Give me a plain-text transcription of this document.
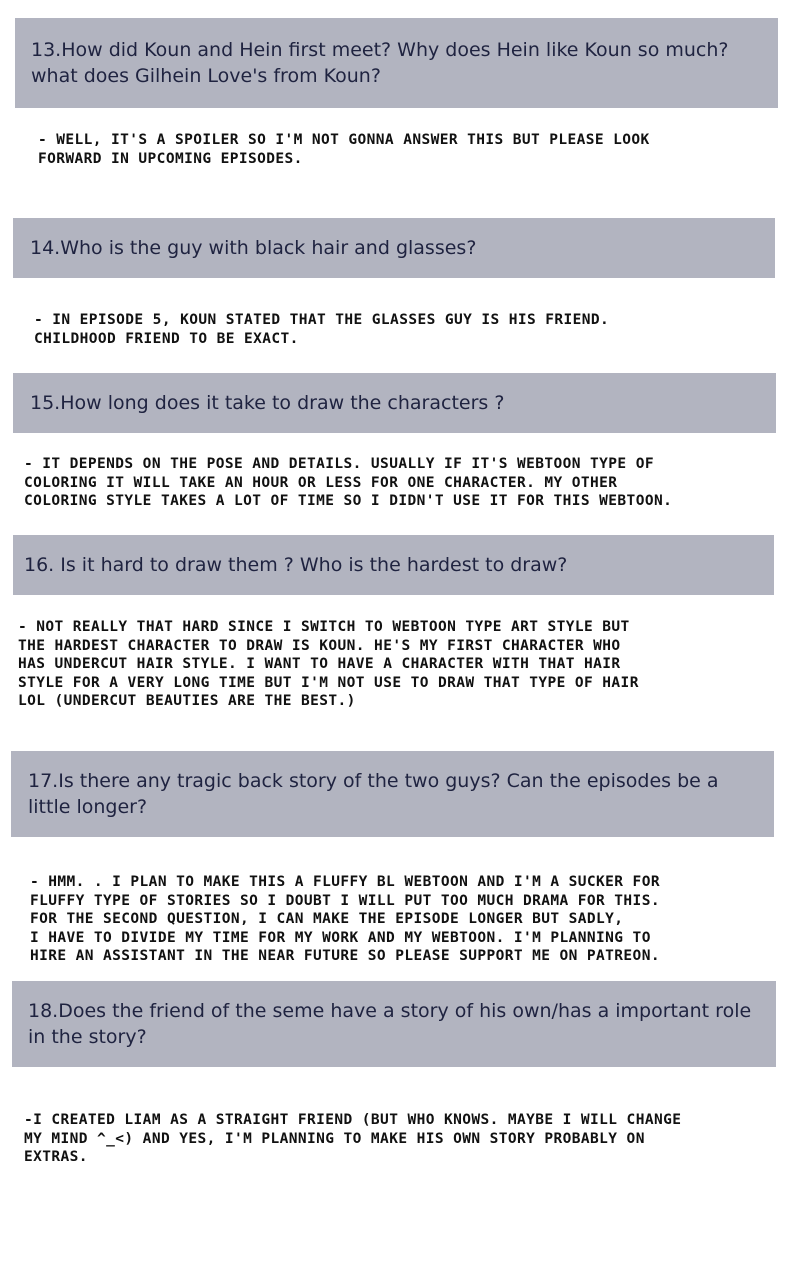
13.How did Koun and Hein first meet? Why does Hein like Koun so much? what does Gilhein Love's from Koun?
- WELL, IT'S A SPOILER SO I'M NOT GONNA ANSWER THIS BUT PLEASE LOOK
FORWARD IN UPCOMING EPISODES.
14.Who is the guy with black hair and glasses?
- IN EPISODE 5, KOUN STATED THAT THE GLASSES GUY IS HIS FRIEND.
CHILDHOOD FRIEND TO BE EXACT.
15.How long does it take to draw the characters ?
- IT DEPENDS ON THE POSE AND DETAILS. USUALLY IF IT'S WEBTOON TYPE OF
COLORING IT WILL TAKE AN HOUR OR LESS FOR ONE CHARACTER. MY OTHER
COLORING STYLE TAKES A LOT OF TIME SO I DIDN'T USE IT FOR THIS WEBTOON.
16. Is it hard to draw them ? Who is the hardest to draw?
- NOT REALLY THAT HARD SINCE I SWITCH TO WEBTOON TYPE ART STYLE BUT
THE HARDEST CHARACTER TO DRAW IS KOUN. HE'S MY FIRST CHARACTER WHO
HAS UNDERCUT HAIR STYLE. I WANT TO HAVE A CHARACTER WITH THAT HAIR
STYLE FOR A VERY LONG TIME BUT I'M NOT USE TO DRAW THAT TYPE OF HAIR
LOL (UNDERCUT BEAUTIES ARE THE BEST.)
17.Is there any tragic back story of the two guys? Can the episodes be a little longer?
- HMM. . I PLAN TO MAKE THIS A FLUFFY BL WEBTOON AND I'M A SUCKER FOR
FLUFFY TYPE OF STORIES SO I DOUBT I WILL PUT TOO MUCH DRAMA FOR THIS.
FOR THE SECOND QUESTION, I CAN MAKE THE EPISODE LONGER BUT SADLY,
I HAVE TO DIVIDE MY TIME FOR MY WORK AND MY WEBTOON. I'M PLANNING TO
HIRE AN ASSISTANT IN THE NEAR FUTURE SO PLEASE SUPPORT ME ON PATREON.
18.Does the friend of the seme have a story of his own/has a important role in the story?
-I CREATED LIAM AS A STRAIGHT FRIEND (BUT WHO KNOWS. MAYBE I WILL CHANGE
MY MIND ^_<) AND YES, I'M PLANNING TO MAKE HIS OWN STORY PROBABLY ON
EXTRAS.
